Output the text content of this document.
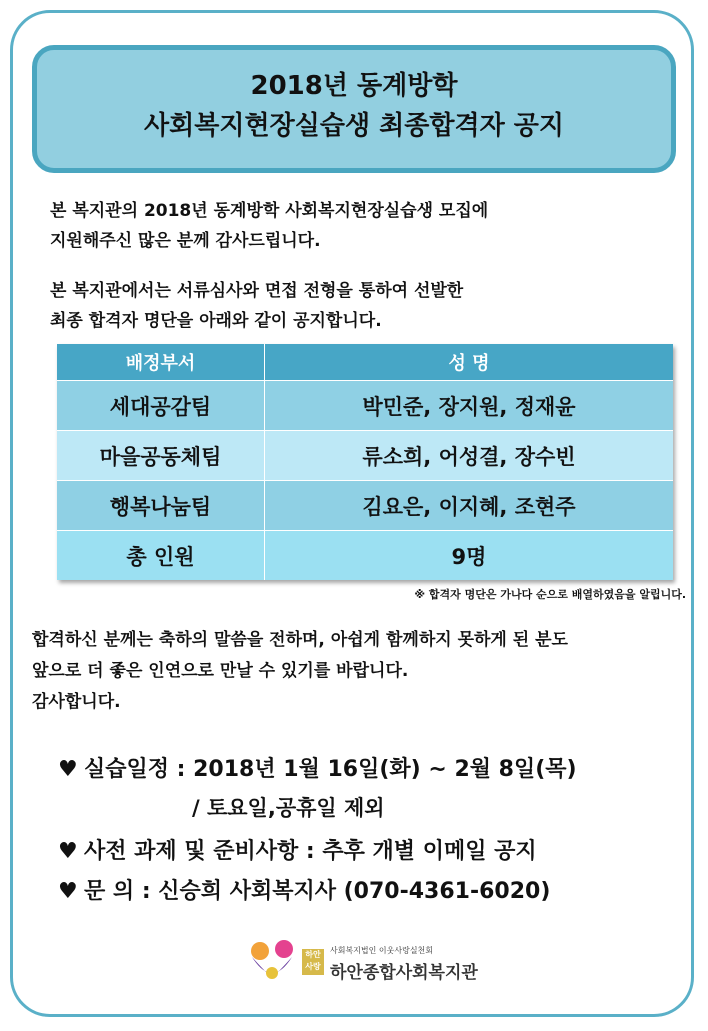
2018년 동계방학
사회복지현장실습생 최종합격자 공지
본 복지관의 2018년 동계방학 사회복지현장실습생 모집에
지원해주신 많은 분께 감사드립니다.
본 복지관에서는 서류심사와 면접 전형을 통하여 선발한
최종 합격자 명단을 아래와 같이 공지합니다.
배정부서	성 명
세대공감팀	박민준, 장지원, 정재윤
마을공동체팀	류소희, 어성결, 장수빈
행복나눔팀	김요은, 이지혜, 조현주
총 인원	9명
※ 합격자 명단은 가나다 순으로 배열하였음을 알립니다.
합격하신 분께는 축하의 말씀을 전하며, 아쉽게 함께하지 못하게 된 분도
앞으로 더 좋은 인연으로 만날 수 있기를 바랍니다.
감사합니다.
♥ 실습일정 : 2018년 1월 16일(화) ~ 2월 8일(목)
/ 토요일,공휴일 제외
♥ 사전 과제 및 준비사항 : 추후 개별 이메일 공지
♥ 문 의 : 신승희 사회복지사 (070-4361-6020)
하안 사랑
사회복지법인 이웃사랑실천회
하안종합사회복지관
